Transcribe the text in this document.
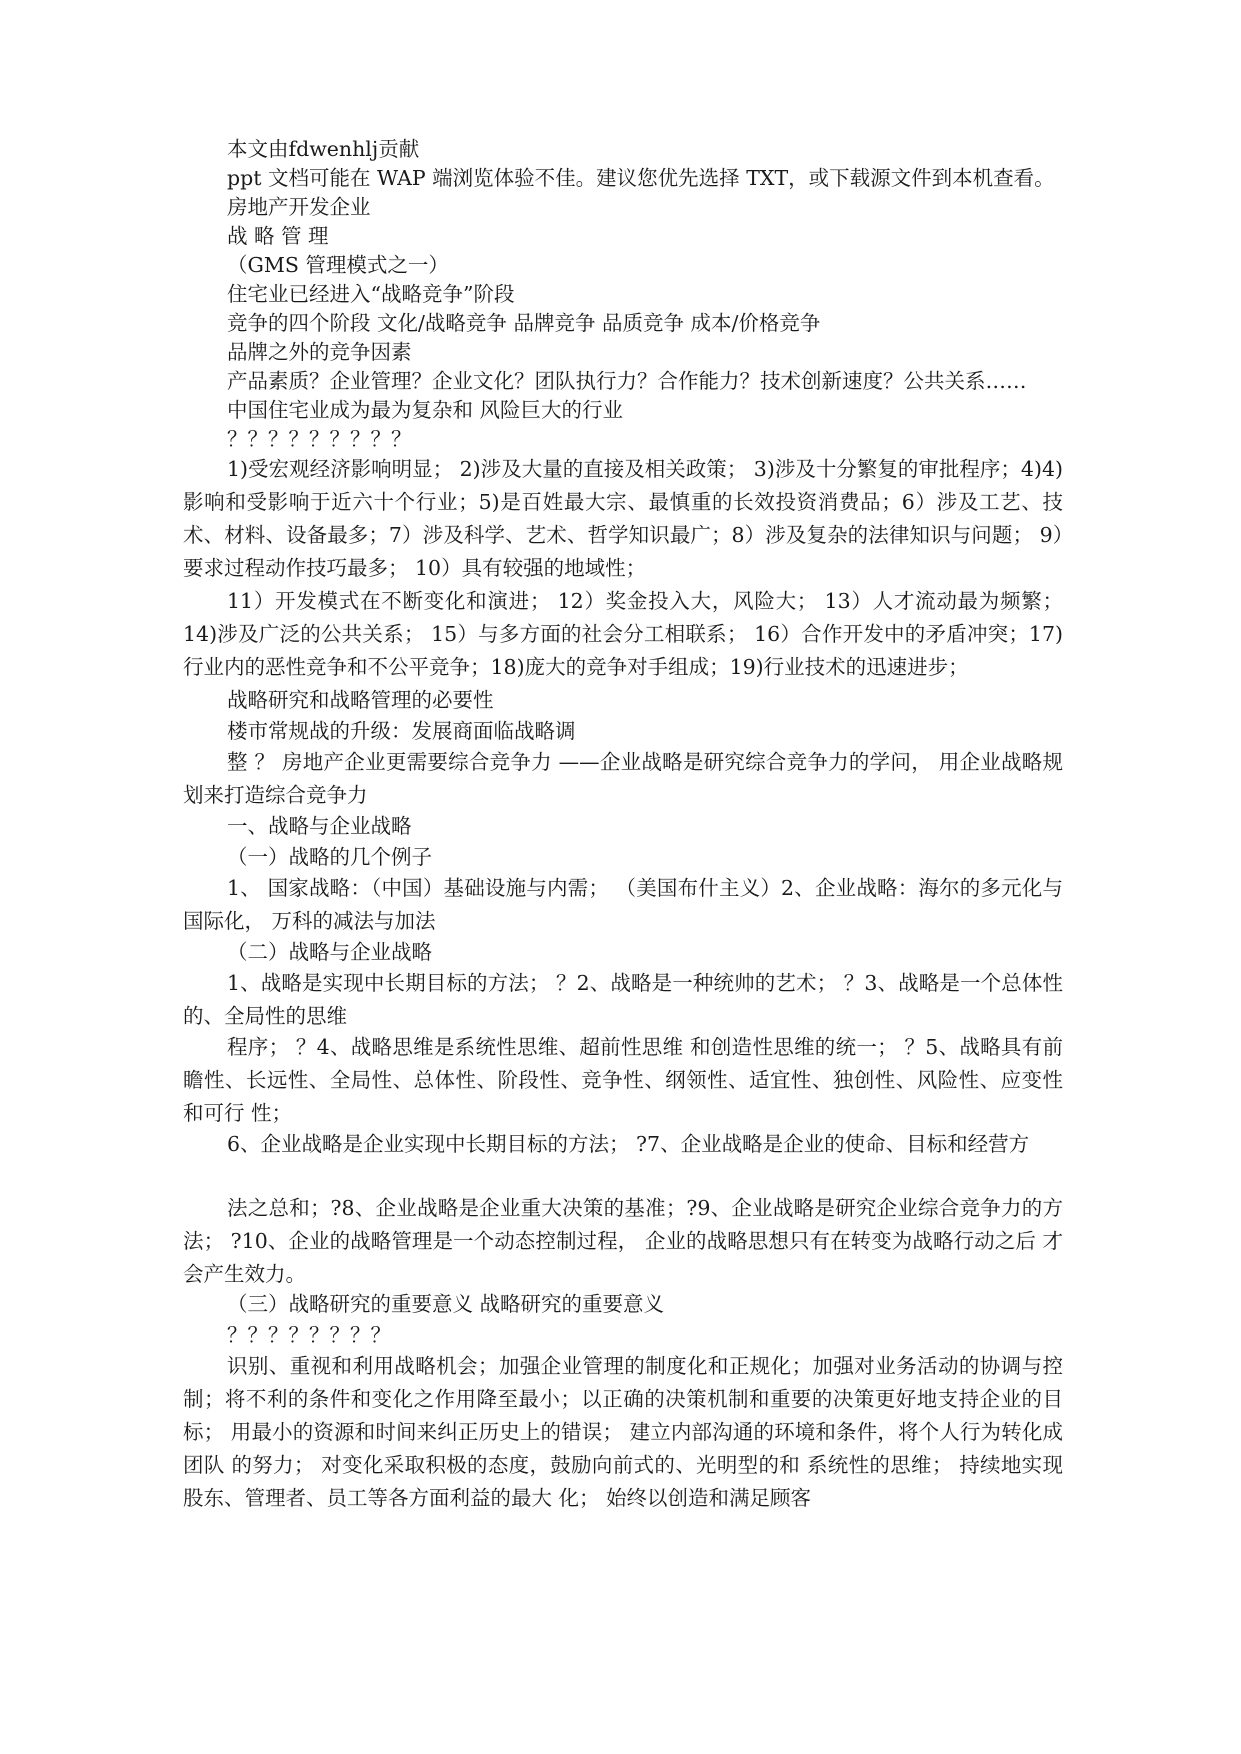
本文由fdwenhlj贡献

ppt 文档可能在 WAP 端浏览体验不佳。建议您优先选择 TXT，或下载源文件到本机查看。

房地产开发企业

战 略 管 理

（GMS 管理模式之一）

住宅业已经进入“战略竞争”阶段

竞争的四个阶段 文化/战略竞争 品牌竞争 品质竞争 成本/价格竞争

品牌之外的竞争因素

产品素质？企业管理？企业文化？团队执行力？合作能力？技术创新速度？公共关系……

中国住宅业成为最为复杂和 风险巨大的行业

？？？？？？？？？

1)受宏观经济影响明显； 2)涉及大量的直接及相关政策； 3)涉及十分繁复的审批程序；4)4)影响和受影响于近六十个行业；5)是百姓最大宗、最慎重的长效投资消费品；6）涉及工艺、技术、材料、设备最多；7）涉及科学、艺术、哲学知识最广；8）涉及复杂的法律知识与问题； 9）要求过程动作技巧最多； 10）具有较强的地域性；

11）开发模式在不断变化和演进； 12）奖金投入大，风险大； 13）人才流动最为频繁；14)涉及广泛的公共关系； 15）与多方面的社会分工相联系； 16）合作开发中的矛盾冲突；17)行业内的恶性竞争和不公平竞争；18)庞大的竞争对手组成；19)行业技术的迅速进步；

战略研究和战略管理的必要性

楼市常规战的升级：发展商面临战略调

整 ？ 房地产企业更需要综合竞争力 ——企业战略是研究综合竞争力的学问， 用企业战略规划来打造综合竞争力

一、战略与企业战略

（一）战略的几个例子

1、 国家战略：（中国）基础设施与内需； （美国布什主义）2、企业战略：海尔的多元化与国际化， 万科的减法与加法

（二）战略与企业战略

1、战略是实现中长期目标的方法； ？2、战略是一种统帅的艺术； ？3、战略是一个总体性的、全局性的思维

程序； ？4、战略思维是系统性思维、超前性思维 和创造性思维的统一； ？5、战略具有前瞻性、长远性、全局性、总体性、阶段性、竞争性、纲领性、适宜性、独创性、风险性、应变性和可行 性；

6、企业战略是企业实现中长期目标的方法； ?7、企业战略是企业的使命、目标和经营方

法之总和；?8、企业战略是企业重大决策的基准；?9、企业战略是研究企业综合竞争力的方法； ?10、企业的战略管理是一个动态控制过程， 企业的战略思想只有在转变为战略行动之后 才会产生效力。

（三）战略研究的重要意义 战略研究的重要意义

？？？？？？？？

识别、重视和利用战略机会；加强企业管理的制度化和正规化；加强对业务活动的协调与控制；将不利的条件和变化之作用降至最小；以正确的决策机制和重要的决策更好地支持企业的目 标； 用最小的资源和时间来纠正历史上的错误； 建立内部沟通的环境和条件，将个人行为转化成团队 的努力； 对变化采取积极的态度，鼓励向前式的、光明型的和 系统性的思维； 持续地实现股东、管理者、员工等各方面利益的最大 化； 始终以创造和满足顾客
